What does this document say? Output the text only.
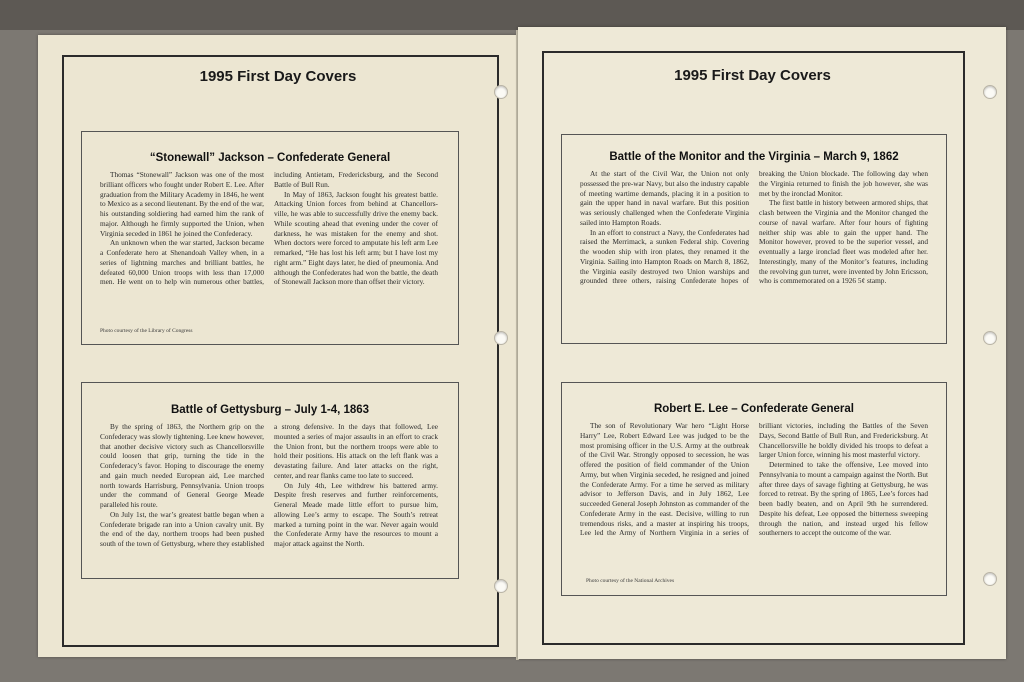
1995 First Day Covers
“Stonewall” Jackson – Confederate General

Thomas “Stonewall” Jackson was one of the most brilliant officers who fought under Robert E. Lee. After graduation from the Military Academy in 1846, he went to Mexico as a second lieutenant. By the end of the war, his outstanding soldiering had earned him the rank of major. Although he firmly supported the Union, when Virginia seceded in 1861 he joined the Confederacy.

An unknown when the war started, Jackson became a Confederate hero at Shenandoah Valley when, in a series of lightning marches and brilliant battles, he defeated 60,000 Union troops with less than 17,000 men. He went on to help win numerous other battles, including Antietam, Fredericksburg, and the Second Battle of Bull Run.

In May of 1863, Jackson fought his greatest battle. Attacking Union forces from behind at Chancellors-ville, he was able to successfully drive the enemy back. While scouting ahead that evening under the cover of darkness, he was mistaken for the enemy and shot. When doctors were forced to amputate his left arm Lee remarked, “He has lost his left arm; but I have lost my right arm.” Eight days later, he died of pneumonia. And although the Confederates had won the battle, the death of Stonewall Jackson more than offset their victory.

Photo courtesy of the Library of Congress
Battle of Gettysburg – July 1-4, 1863

By the spring of 1863, the Northern grip on the Confederacy was slowly tightening. Lee knew however, that another decisive victory such as Chancellorsville could loosen that grip, turning the tide in the Confederacy’s favor. Hoping to discourage the enemy and gain much needed European aid, Lee marched north towards Harrisburg, Pennsylvania. Union troops under the command of General George Meade paralleled his route.

On July 1st, the war’s greatest battle began when a Confederate brigade ran into a Union cavalry unit. By the end of the day, northern troops had been pushed south of the town of Gettysburg, where they established a strong defensive. In the days that followed, Lee mounted a series of major assaults in an effort to crack the Union front, but the northern troops were able to hold their positions. His attack on the left flank was a devastating failure. And later attacks on the right, center, and rear flanks came too late to succeed.

On July 4th, Lee withdrew his battered army. Despite fresh reserves and further reinforcements, General Meade made little effort to pursue him, allowing Lee’s army to escape. The South’s retreat marked a turning point in the war. Never again would the Confederate Army have the resources to mount a major attack against the North.

1995 First Day Covers
Battle of the Monitor and the Virginia – March 9, 1862

At the start of the Civil War, the Union not only possessed the pre-war Navy, but also the industry capable of meeting wartime demands, placing it in a position to gain the upper hand in naval warfare. But this position was seriously challenged when the Confederate Virginia sailed into Hampton Roads.

In an effort to construct a Navy, the Confederates had raised the Merrimack, a sunken Federal ship. Covering the wooden ship with iron plates, they renamed it the Virginia. Sailing into Hampton Roads on March 8, 1862, the Virginia easily destroyed two Union warships and grounded three others, raising Confederate hopes of breaking the Union blockade. The following day when the Virginia returned to finish the job however, she was met by the ironclad Monitor.

The first battle in history between armored ships, that clash between the Virginia and the Monitor changed the course of naval warfare. After four hours of fighting neither ship was able to gain the upper hand. The Monitor however, proved to be the superior vessel, and eventually a large ironclad fleet was modeled after her. Interestingly, many of the Monitor’s features, including the revolving gun turret, were invented by John Ericsson, who is commemorated on a 1926 5¢ stamp.

Robert E. Lee – Confederate General

The son of Revolutionary War hero “Light Horse Harry” Lee, Robert Edward Lee was judged to be the most promising officer in the U.S. Army at the outbreak of the Civil War. Strongly opposed to secession, he was offered the position of field commander of the Union Army, but when Virginia seceded, he resigned and joined the Confederate Army. For a time he served as military advisor to Jefferson Davis, and in July 1862, Lee succeeded General Joseph Johnston as commander of the Confederate Army in the east. Decisive, willing to run tremendous risks, and a master at inspiring his troops, Lee led the Army of Northern Virginia in a series of brilliant victories, including the Battles of the Seven Days, Second Battle of Bull Run, and Fredericksburg. At Chancellorsville he boldly divided his troops to defeat a larger Union force, winning his most masterful victory.

Determined to take the offensive, Lee moved into Pennsylvania to mount a campaign against the North. But after three days of savage fighting at Gettysburg, he was forced to retreat. By the spring of 1865, Lee’s forces had been badly beaten, and on April 9th he surrendered. Despite his defeat, Lee opposed the bitterness sweeping through the nation, and instead urged his fellow southerners to accept the outcome of the war.

Photo courtesy of the National Archives
